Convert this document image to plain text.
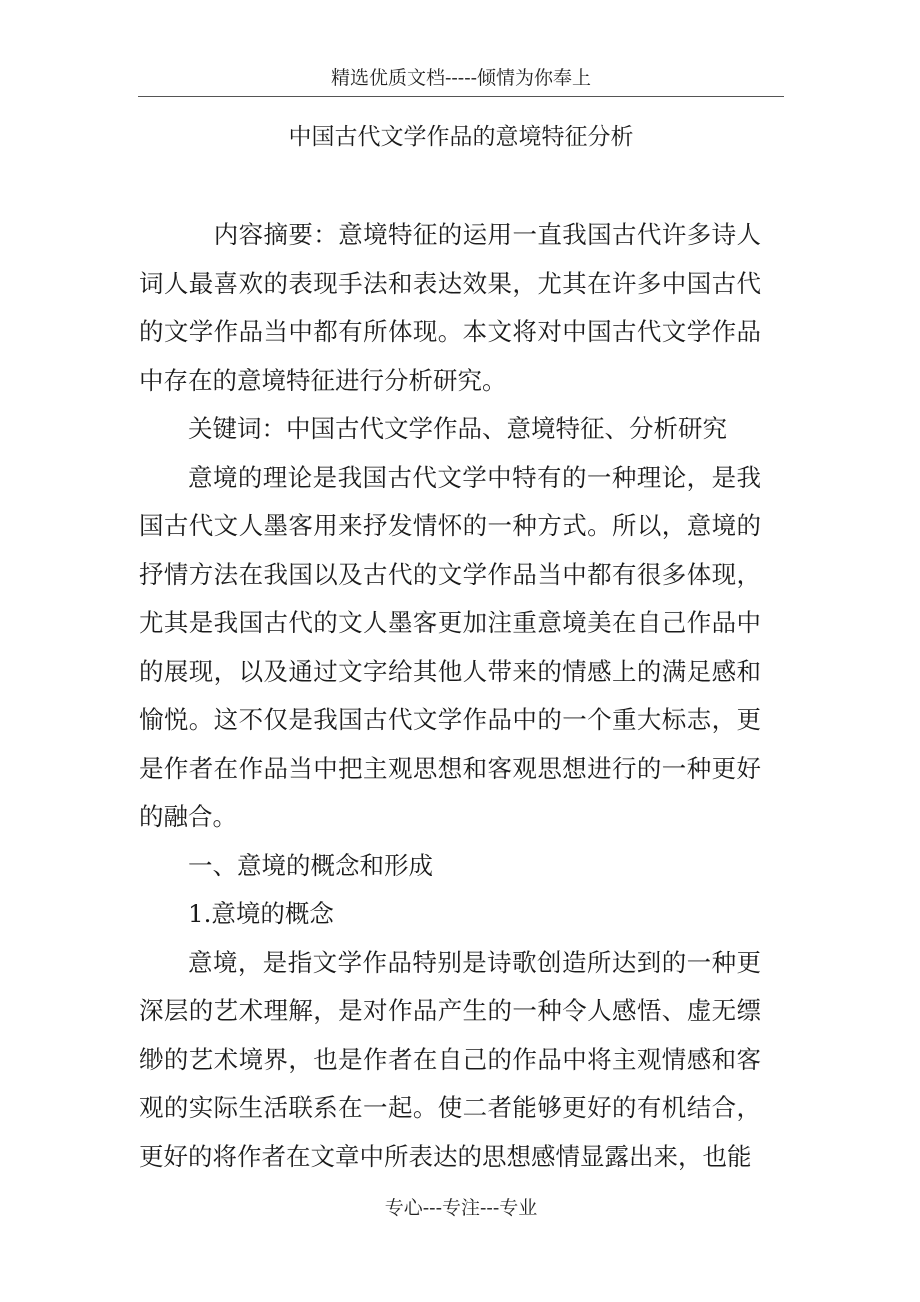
精选优质文档-----倾情为你奉上
中国古代文学作品的意境特征分析

内容摘要：意境特征的运用一直我国古代许多诗人词人最喜欢的表现手法和表达效果，尤其在许多中国古代的文学作品当中都有所体现。本文将对中国古代文学作品中存在的意境特征进行分析研究。

关键词：中国古代文学作品、意境特征、分析研究

意境的理论是我国古代文学中特有的一种理论，是我国古代文人墨客用来抒发情怀的一种方式。所以，意境的抒情方法在我国以及古代的文学作品当中都有很多体现，尤其是我国古代的文人墨客更加注重意境美在自己作品中的展现，以及通过文字给其他人带来的情感上的满足感和愉悦。这不仅是我国古代文学作品中的一个重大标志，更是作者在作品当中把主观思想和客观思想进行的一种更好的融合。

一、意境的概念和形成

1.意境的概念

意境，是指文学作品特别是诗歌创造所达到的一种更深层的艺术理解，是对作品产生的一种令人感悟、虚无缥缈的艺术境界，也是作者在自己的作品中将主观情感和客观的实际生活联系在一起。使二者能够更好的有机结合，更好的将作者在文章中所表达的思想感情显露出来，也能

专心---专注---专业
